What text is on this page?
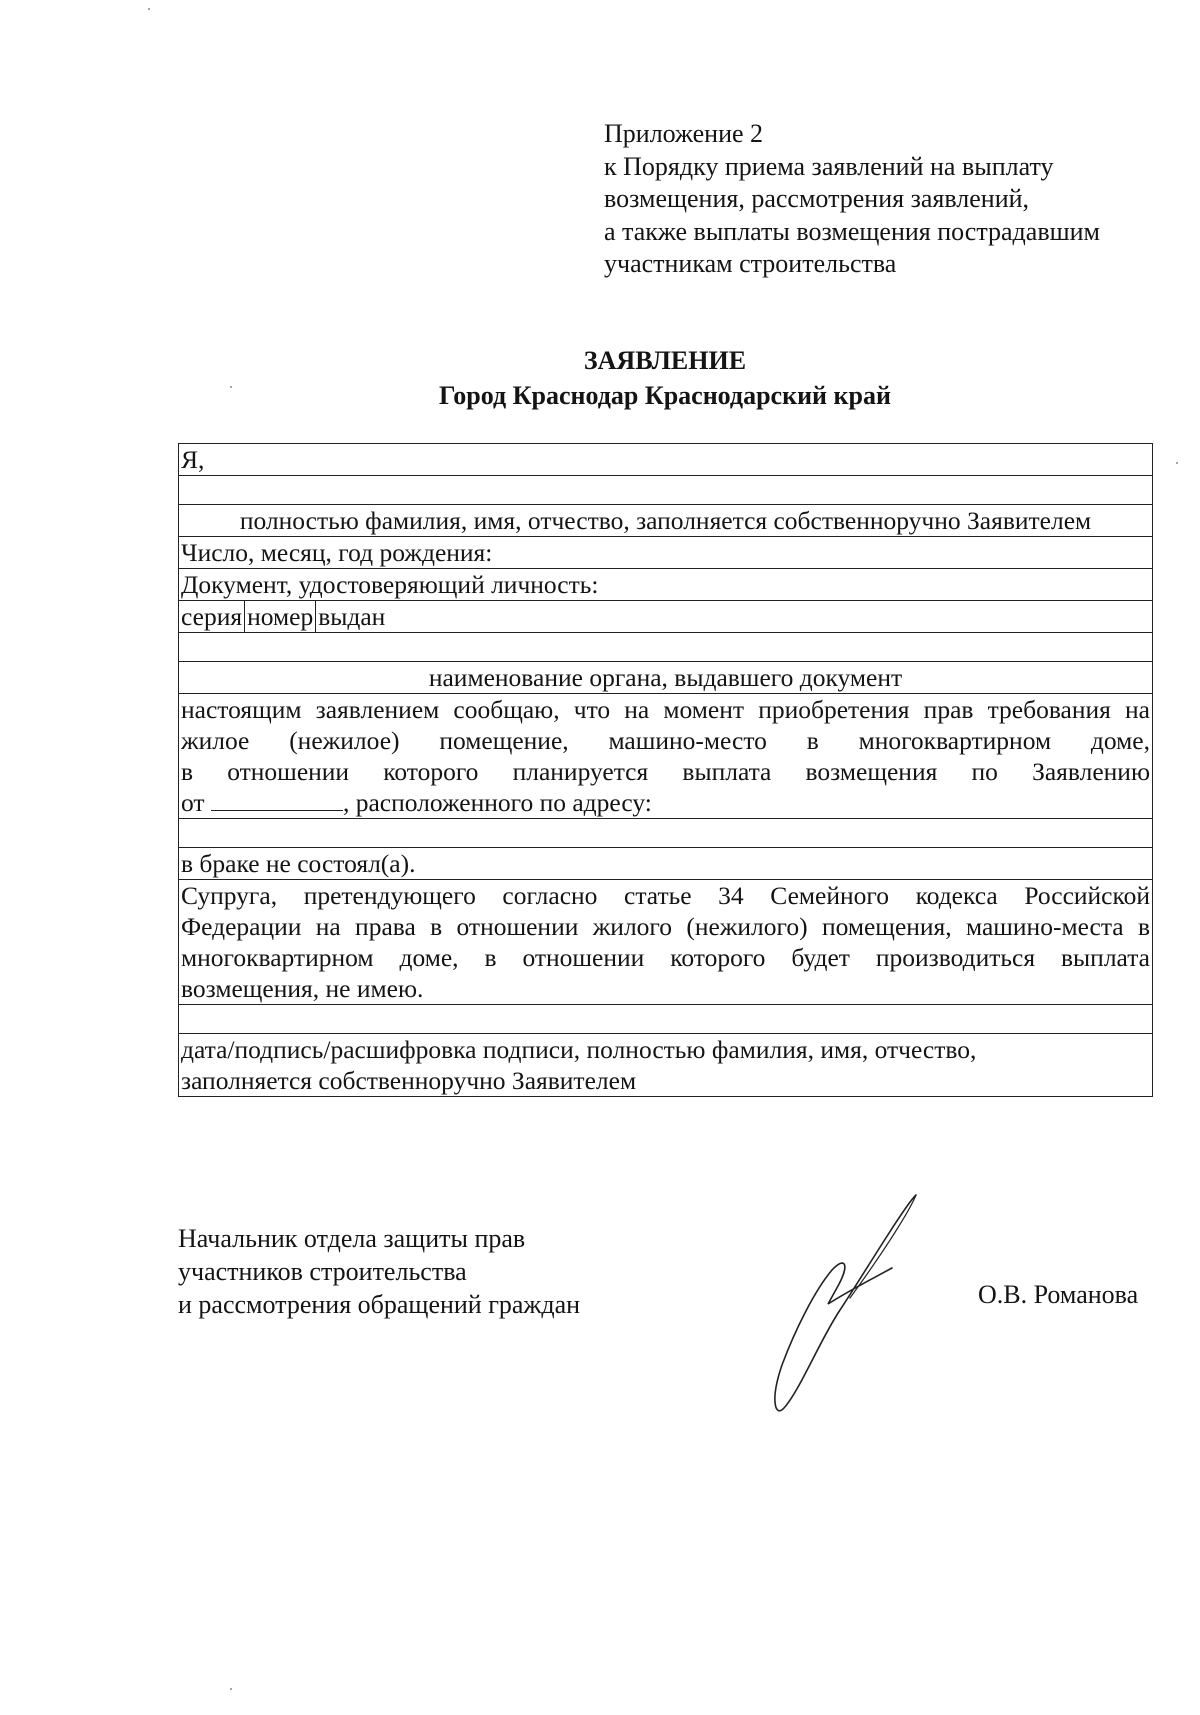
Приложение 2
к Порядку приема заявлений на выплату
возмещения, рассмотрения заявлений,
а также выплаты возмещения пострадавшим
участникам строительства
ЗАЯВЛЕНИЕ
Город Краснодар Краснодарский край
Я,
полностью фамилия, имя, отчество, заполняется собственноручно Заявителем
Число, месяц, год рождения:
Документ, удостоверяющий личность:
серия номер выдан
наименование органа, выдавшего документ
настоящим заявлением сообщаю, что на момент приобретения прав требования на
жилое (нежилое) помещение, машино-место в многоквартирном доме,
в отношении которого планируется выплата возмещения по Заявлению
от	, расположенного по адресу:
в браке не состоял(а).
Супруга, претендующего согласно статье 34 Семейного кодекса Российской
Федерации на права в отношении жилого (нежилого) помещения, машино-места в
многоквартирном доме, в отношении которого будет производиться выплата
возмещения, не имею.
дата/подпись/расшифровка подписи, полностью фамилия, имя, отчество,
заполняется собственноручно Заявителем
Начальник отдела защиты прав
участников строительства
и рассмотрения обращений граждан	О.В. Романова
